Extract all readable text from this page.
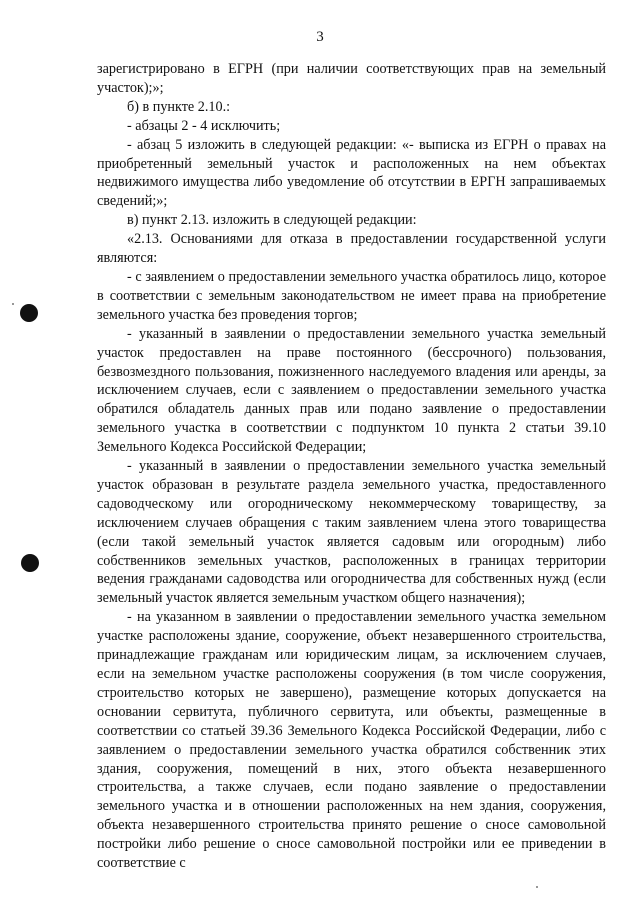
3

зарегистрировано в ЕГРН (при наличии соответствующих прав на земельный участок);»;

б) в пункте 2.10.:

- абзацы 2 - 4 исключить;

- абзац 5 изложить в следующей редакции: «- выписка из ЕГРН о правах на приобретенный земельный участок и расположенных на нем объектах недвижимого имущества либо уведомление об отсутствии в ЕРГН запрашиваемых сведений;»;

в) пункт 2.13. изложить в следующей редакции:

«2.13. Основаниями для отказа в предоставлении государственной услуги являются:

- с заявлением о предоставлении земельного участка обратилось лицо, которое в соответствии с земельным законодательством не имеет права на приобретение земельного участка без проведения торгов;

- указанный в заявлении о предоставлении земельного участка земельный участок предоставлен на праве постоянного (бессрочного) пользования, безвозмездного пользования, пожизненного наследуемого владения или аренды, за исключением случаев, если с заявлением о предоставлении земельного участка обратился обладатель данных прав или подано заявление о предоставлении земельного участка в соответствии с подпунктом 10 пункта 2 статьи 39.10 Земельного Кодекса Российской Федерации;

- указанный в заявлении о предоставлении земельного участка земельный участок образован в результате раздела земельного участка, предоставленного садоводческому или огородническому некоммерческому товариществу, за исключением случаев обращения с таким заявлением члена этого товарищества (если такой земельный участок является садовым или огородным) либо собственников земельных участков, расположенных в границах территории ведения гражданами садоводства или огородничества для собственных нужд (если земельный участок является земельным участком общего назначения);

- на указанном в заявлении о предоставлении земельного участка земельном участке расположены здание, сооружение, объект незавершенного строительства, принадлежащие гражданам или юридическим лицам, за исключением случаев, если на земельном участке расположены сооружения (в том числе сооружения, строительство которых не завершено), размещение которых допускается на основании сервитута, публичного сервитута, или объекты, размещенные в соответствии со статьей 39.36 Земельного Кодекса Российской Федерации, либо с заявлением о предоставлении земельного участка обратился собственник этих здания, сооружения, помещений в них, этого объекта незавершенного строительства, а также случаев, если подано заявление о предоставлении земельного участка и в отношении расположенных на нем здания, сооружения, объекта незавершенного строительства принято решение о сносе самовольной постройки либо решение о сносе самовольной постройки или ее приведении в соответствие с
